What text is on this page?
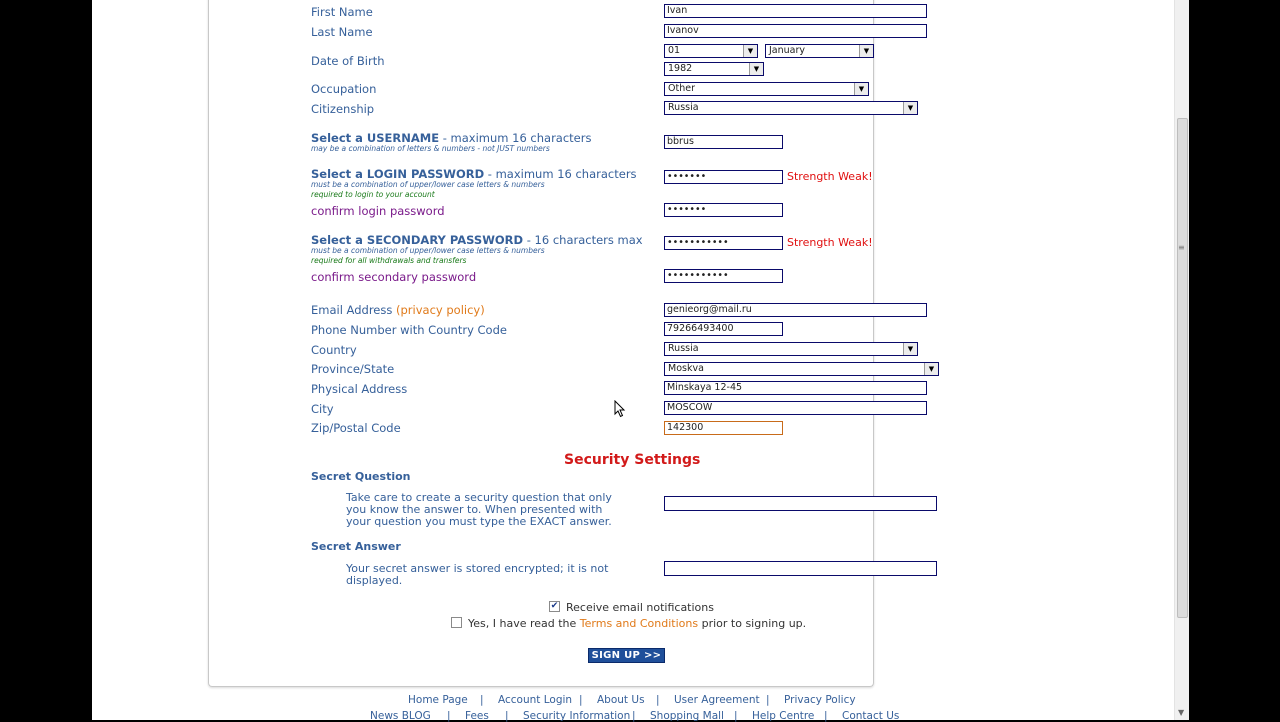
First Name	Ivan
Last Name	Ivanov
Date of Birth
01	▼	January	▼
1982	▼
Occupation	Other	▼
Citizenship	Russia	▼
Select a USERNAME - maximum 16 characters
may be a combination of letters & numbers - not JUST numbers
bbrus
Select a LOGIN PASSWORD - maximum 16 characters
must be a combination of upper/lower case letters & numbers
required to login to your account
•••••••	Strength Weak!
confirm login password	•••••••
Select a SECONDARY PASSWORD - 16 characters max
must be a combination of upper/lower case letters & numbers
required for all withdrawals and transfers
•••••••••••	Strength Weak!
confirm secondary password	•••••••••••
Email Address (privacy policy)	genieorg@mail.ru
Phone Number with Country Code	79266493400
Country	Russia	▼
Province/State	Moskva	▼
Physical Address	Minskaya 12-45
City	MOSCOW
Zip/Postal Code	142300
Security Settings
Secret Question
Take care to create a security question that only you know the answer to. When presented with your question you must type the EXACT answer.
Secret Answer
Your secret answer is stored encrypted; it is not displayed.
✔ Receive email notifications
Yes, I have read the Terms and Conditions prior to signing up.
SIGN UP >>
Home Page | Account Login | About Us | User Agreement | Privacy Policy
News BLOG | Fees | Security Information | Shopping Mall | Help Centre | Contact Us
≡
▼
